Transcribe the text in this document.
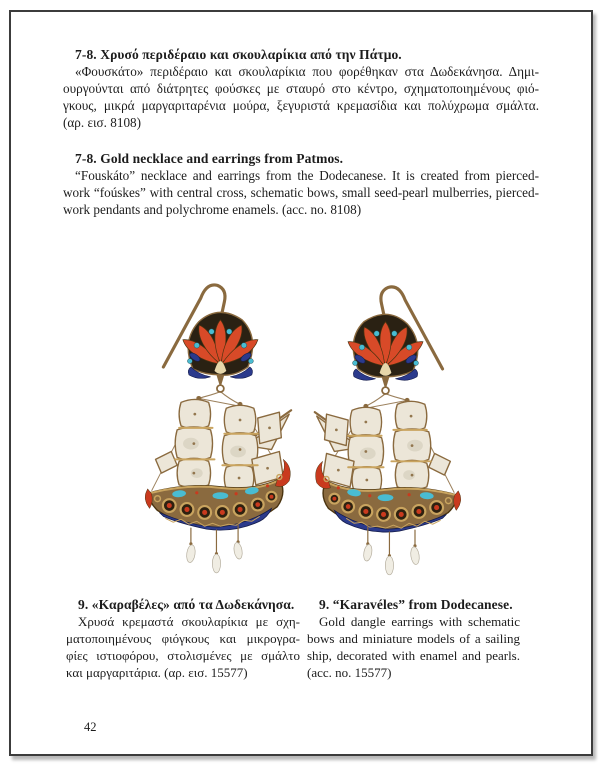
7-8. Χρυσό περιδέραιο και σκουλαρίκια από την Πάτμο.
«Φουσκάτο» περιδέραιο και σκουλαρίκια που φορέθηκαν στα Δωδεκάνησα. Δημι-
ουργούνται από διάτρητες φούσκες με σταυρό στο κέντρο, σχηματοποιημένους φιό-
γκους, μικρά μαργαριταρένια μούρα, ξεγυριστά κρεμασίδια και πολύχρωμα σμάλτα.
(αρ. εισ. 8108)
7-8. Gold necklace and earrings from Patmos.
“Fouskáto” necklace and earrings from the Dodecanese. It is created from pierced-
work “foúskes” with central cross, schematic bows, small seed-pearl mulberries, pierced-
work pendants and polychrome enamels. (acc. no. 8108)
9. «Καραβέλες» από τα Δωδεκάνησα.
Χρυσά κρεμαστά σκουλαρίκια με σχη-
ματοποιημένους φιόγκους και μικρογρα-
φίες ιστιοφόρου, στολισμένες με σμάλτο
και μαργαριτάρια. (αρ. εισ. 15577)
9. “Karavéles” from Dodecanese.
Gold dangle earrings with schematic
bows and miniature models of a sailing
ship, decorated with enamel and pearls.
(acc. no. 15577)
42
